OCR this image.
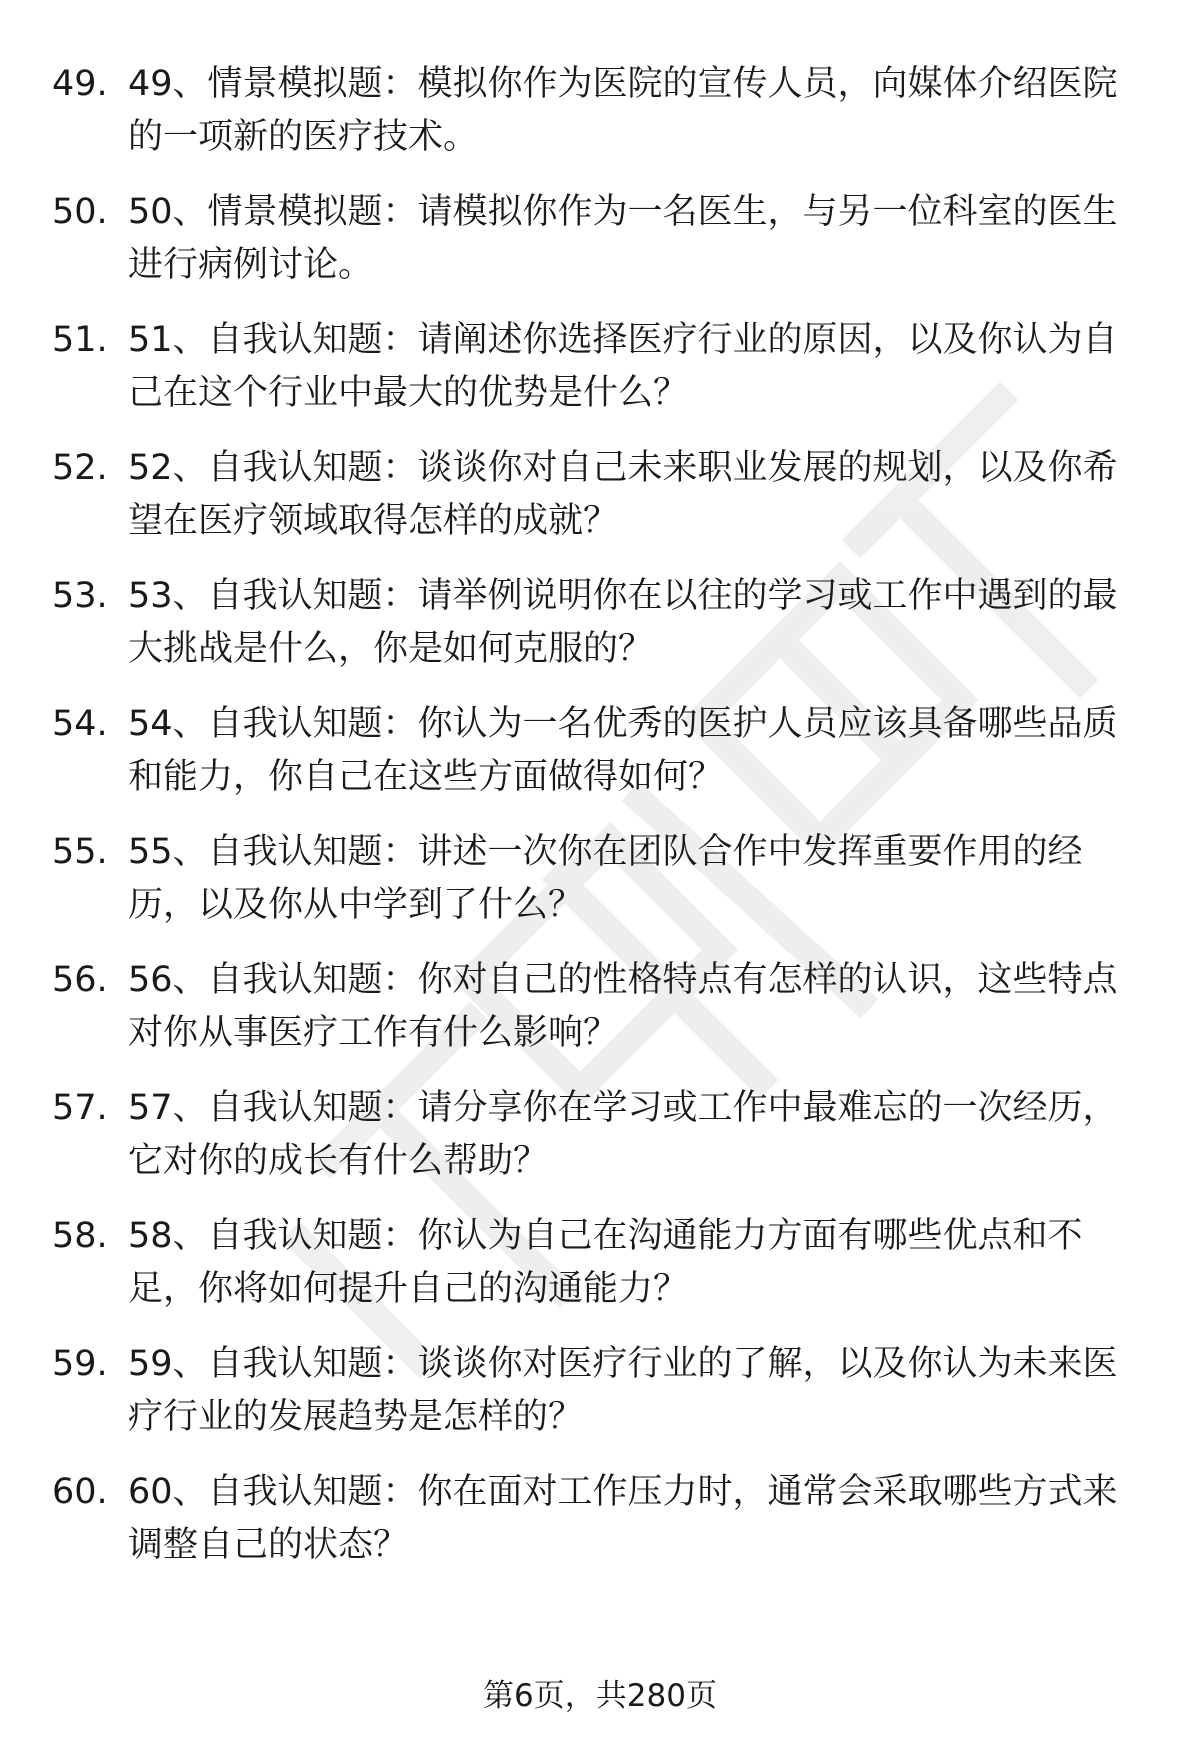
49. 49、情景模拟题：模拟你作为医院的宣传人员，向媒体介绍医院的一项新的医疗技术。
50. 50、情景模拟题：请模拟你作为一名医生，与另一位科室的医生进行病例讨论。
51. 51、自我认知题：请阐述你选择医疗行业的原因，以及你认为自己在这个行业中最大的优势是什么？
52. 52、自我认知题：谈谈你对自己未来职业发展的规划，以及你希望在医疗领域取得怎样的成就？
53. 53、自我认知题：请举例说明你在以往的学习或工作中遇到的最大挑战是什么，你是如何克服的？
54. 54、自我认知题：你认为一名优秀的医护人员应该具备哪些品质和能力，你自己在这些方面做得如何？
55. 55、自我认知题：讲述一次你在团队合作中发挥重要作用的经历，以及你从中学到了什么？
56. 56、自我认知题：你对自己的性格特点有怎样的认识，这些特点对你从事医疗工作有什么影响？
57. 57、自我认知题：请分享你在学习或工作中最难忘的一次经历，它对你的成长有什么帮助？
58. 58、自我认知题：你认为自己在沟通能力方面有哪些优点和不足，你将如何提升自己的沟通能力？
59. 59、自我认知题：谈谈你对医疗行业的了解，以及你认为未来医疗行业的发展趋势是怎样的？
60. 60、自我认知题：你在面对工作压力时，通常会采取哪些方式来调整自己的状态？
第6页，共280页
